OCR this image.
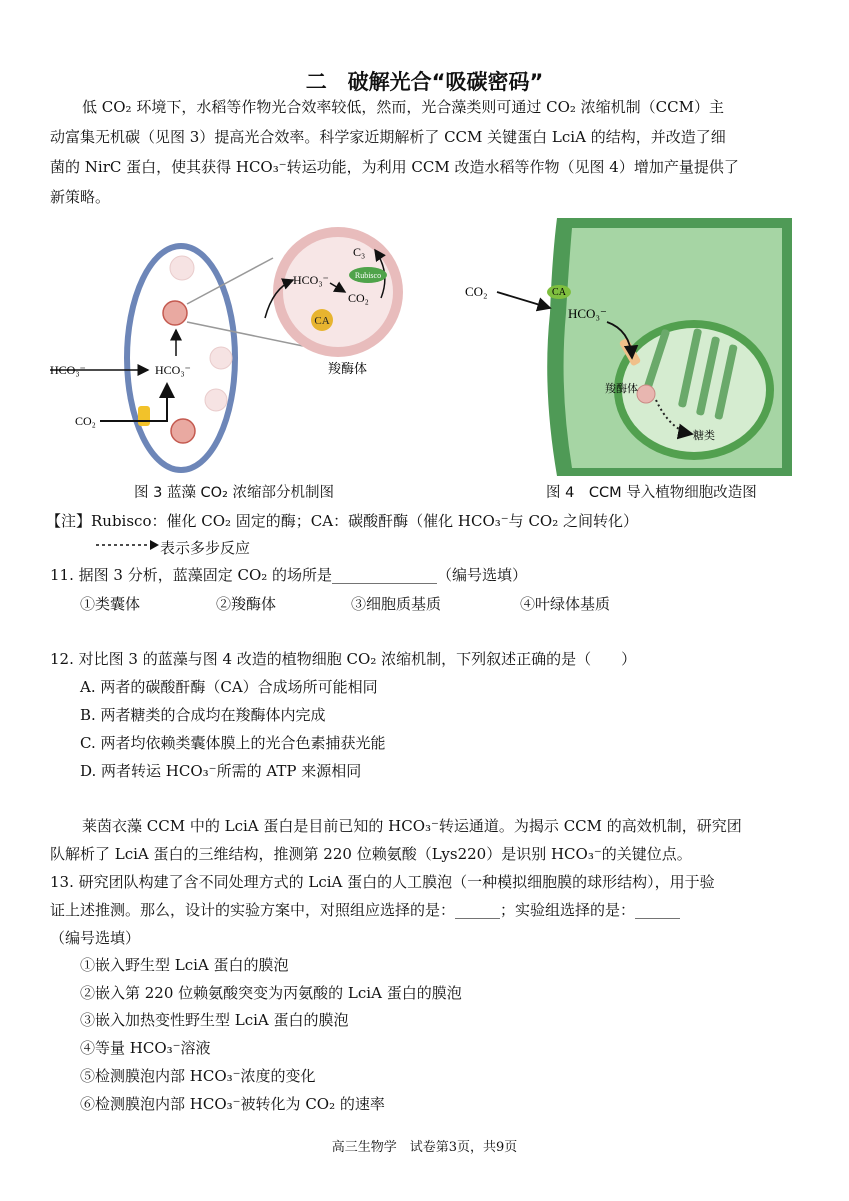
二　破解光合“吸碳密码”
低 CO₂ 环境下，水稻等作物光合效率较低，然而，光合藻类则可通过 CO₂ 浓缩机制（CCM）主
动富集无机碳（见图 3）提高光合效率。科学家近期解析了 CCM 关键蛋白 LciA 的结构，并改造了细
菌的 NirC 蛋白，使其获得 HCO₃⁻转运功能，为利用 CCM 改造水稻等作物（见图 4）增加产量提供了
新策略。
Rubisco
CA
HCO₃⁻	HCO₃⁻
CO₂
C₃
HCO₃⁻
CO₂
羧酶体
CO₂	CA
HCO₃⁻
羧酶体
糖类
图 3 蓝藻 CO₂ 浓缩部分机制图	图 4　CCM 导入植物细胞改造图
【注】Rubisco：催化 CO₂ 固定的酶；CA：碳酸酐酶（催化 HCO₃⁻与 CO₂ 之间转化）
表示多步反应
11. 据图 3 分析，蓝藻固定 CO₂ 的场所是______________（编号选填）
①类囊体	②羧酶体	③细胞质基质	④叶绿体基质
12. 对比图 3 的蓝藻与图 4 改造的植物细胞 CO₂ 浓缩机制，下列叙述正确的是（　　）
A. 两者的碳酸酐酶（CA）合成场所可能相同
B. 两者糖类的合成均在羧酶体内完成
C. 两者均依赖类囊体膜上的光合色素捕获光能
D. 两者转运 HCO₃⁻所需的 ATP 来源相同
莱茵衣藻 CCM 中的 LciA 蛋白是目前已知的 HCO₃⁻转运通道。为揭示 CCM 的高效机制，研究团
队解析了 LciA 蛋白的三维结构，推测第 220 位赖氨酸（Lys220）是识别 HCO₃⁻的关键位点。
13. 研究团队构建了含不同处理方式的 LciA 蛋白的人工膜泡（一种模拟细胞膜的球形结构），用于验
证上述推测。那么，设计的实验方案中，对照组应选择的是：______；实验组选择的是：______
（编号选填）
①嵌入野生型 LciA 蛋白的膜泡
②嵌入第 220 位赖氨酸突变为丙氨酸的 LciA 蛋白的膜泡
③嵌入加热变性野生型 LciA 蛋白的膜泡
④等量 HCO₃⁻溶液
⑤检测膜泡内部 HCO₃⁻浓度的变化
⑥检测膜泡内部 HCO₃⁻被转化为 CO₂ 的速率
高三生物学　试卷第3页，共9页
